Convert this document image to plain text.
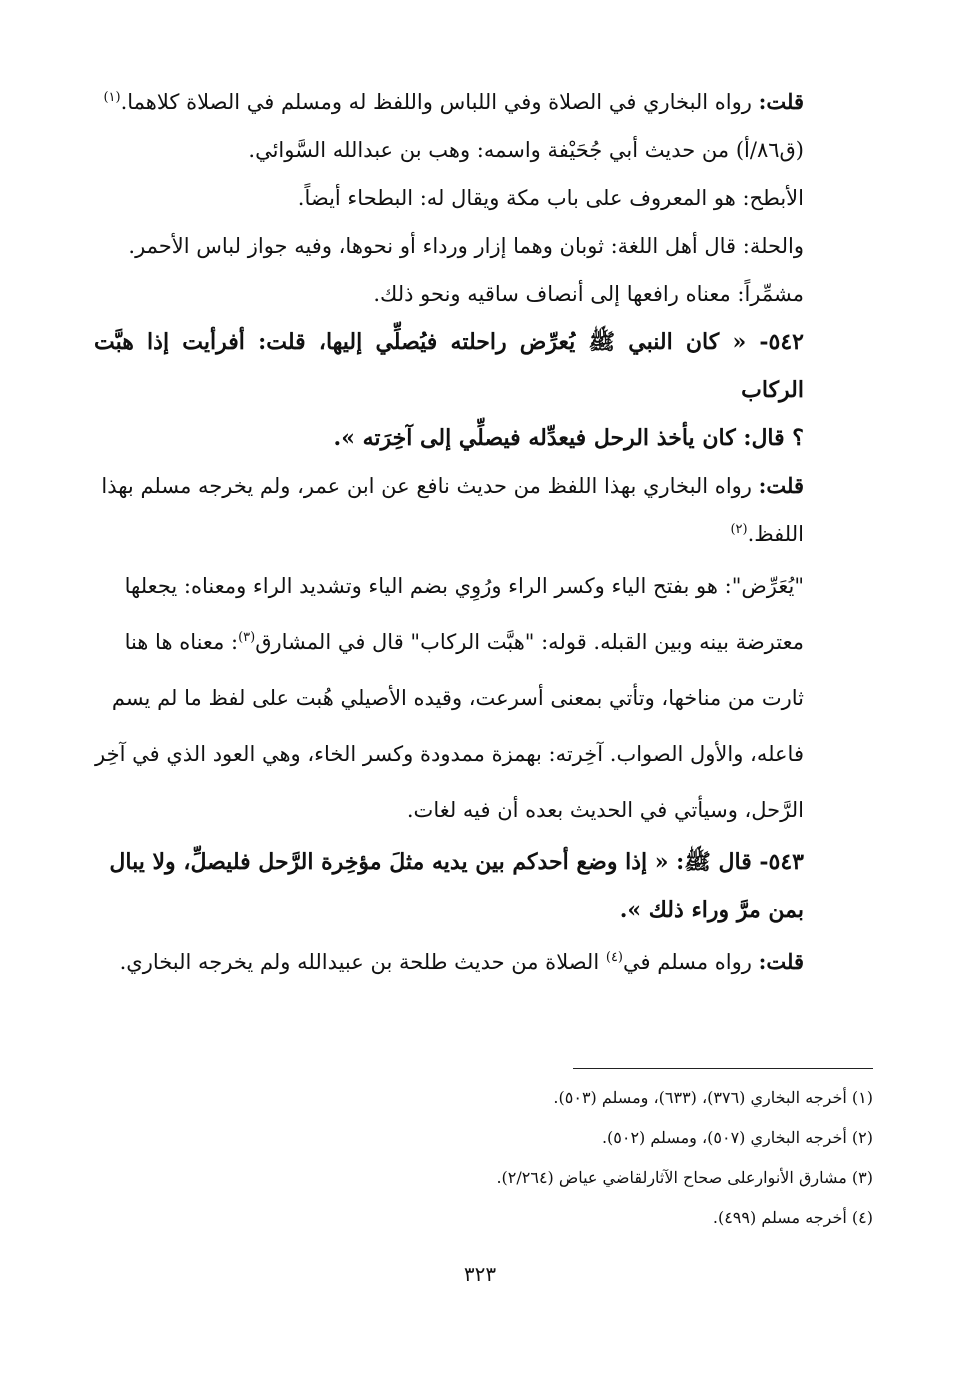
قلت: رواه البخاري في الصلاة وفي اللباس واللفظ له ومسلم في الصلاة كلاهما.$^{(١)}$
(ق٨٦/أ) من حديث أبي جُحَيْفة واسمه: وهب بن عبدالله السَّوائي.

الأبطح: هو المعروف على باب مكة ويقال له: البطحاء أيضاً.

والحلة: قال أهل اللغة: ثوبان وهما إزار ورداء أو نحوها، وفيه جواز لباس الأحمر.

مشمِّراً: معناه رافعها إلى أنصاف ساقيه ونحو ذلك.

٥٤٢- « كان النبي ﷺ يُعرِّض راحلته فيُصلِّي إليها، قلت: أفرأيت إذا هبَّت الركاب
؟ قال: كان يأخذ الرحل فيعدِّله فيصلِّي إلى آخِرَته ».

قلت: رواه البخاري بهذا اللفظ من حديث نافع عن ابن عمر، ولم يخرجه مسلم بهذا
اللفظ.$^{(٢)}$

"يُعَرِّض": هو بفتح الياء وكسر الراء ورُوِي بضم الياء وتشديد الراء ومعناه: يجعلها
معترضة بينه وبين القبله. قوله: "هبَّت الركاب" قال في المشارق$^{(٣)}$: معناه ها هنا
ثارت من مناخها، وتأتي بمعنى أسرعت، وقيده الأصيلي هُبت على لفظ ما لم يسم
فاعله، والأول الصواب. آخِرته: بهمزة ممدودة وكسر الخاء، وهي العود الذي في آخِر
الرَّحل، وسيأتي في الحديث بعده أن فيه لغات.

٥٤٣- قال ﷺ: « إذا وضع أحدكم بين يديه مثلَ مؤخِرة الرَّحل فليصلِّ، ولا يبال
بمن مرَّ وراء ذلك ».

قلت: رواه مسلم في$^{(٤)}$ الصلاة من حديث طلحة بن عبيدالله ولم يخرجه البخاري.

(١) أخرجه البخاري (٣٧٦)، (٦٣٣)، ومسلم (٥٠٣).

(٢) أخرجه البخاري (٥٠٧)، ومسلم (٥٠٢).

(٣) مشارق الأنوارعلى صحاح الآثارلقاضي عياض (٢/٢٦٤).

(٤) أخرجه مسلم (٤٩٩).

٣٢٣
